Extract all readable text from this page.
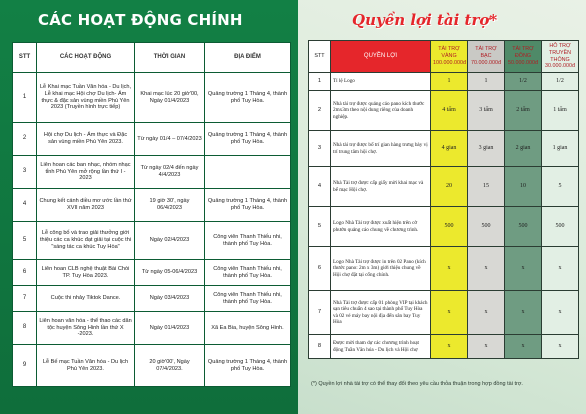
CÁC HOẠT ĐỘNG CHÍNH	Quyền lợi tài trợ*
STT	CÁC HOẠT ĐỘNG	THỜI GIAN	ĐỊA ĐIỂM
1	Lễ Khai mạc Tuần Văn hóa - Du lịch, Lễ khai mạc Hội chợ Du lịch- Ẩm thực & đặc sản vùng miền Phú Yên 2023 (Truyền hình trực tiếp)	Khai mạc lúc 20 giờ'00, Ngày 01/4/2023	Quảng trường 1 Tháng 4, thành phố Tuy Hòa.
2	Hội chợ Du lịch - Ẩm thực và Đặc sản vùng miền Phú Yên 2023.	Từ ngày 01/4 – 07/4/2023	Quảng trường 1 Tháng 4, thành phố Tuy Hòa.
3	Liên hoan các ban nhạc, nhóm nhạc tỉnh Phú Yên mở rộng lần thứ I - 2023	Từ ngày 02/4 đến ngày 4/4/2023	
4	Chung kết cánh diều mơ ước lần thứ XVII năm 2023	19 giờ 30', ngày 06/4/2023	Quảng trường 1 Tháng 4, thành phố Tuy Hòa.
5	Lễ công bố và trao giải thưởng giới thiệu các ca khúc đạt giải tại cuộc thi "sáng tác ca khúc Tuy Hòa"	Ngày 02/4/2023	Công viên Thanh Thiếu nhi, thành phố Tuy Hòa.
6	Liên hoan CLB nghệ thuật Bài Chòi TP. Tuy Hòa 2023.	Từ ngày 05-06/4/2023	Công viên Thanh Thiếu nhi, thành phố Tuy Hòa.
7	Cuộc thi nhảy Tiktok Dance.	Ngày 03/4/2023	Công viên Thanh Thiếu nhi, thành phố Tuy Hòa.
8	Liên hoan văn hóa - thể thao các dân tộc huyện Sông Hinh lần thứ X -2023.	Ngày 01/4/2023	Xã Ea Bia, huyện Sông Hinh.
9	Lễ Bế mạc Tuần Văn hóa - Du lịch Phú Yên 2023.	20 giờ'00', Ngày 07/4/2023.	Quảng trường 1 Tháng 4, thành phố Tuy Hòa.
STT	QUYỀN LỢI	TÀI TRỢ VÀNG 100.000.000đ	TÀI TRỢ BẠC 70.000.000đ	TÀI TRỢ ĐỒNG 50.000.000đ	HỖ TRỢ TRUYỀN THÔNG 30.000.000đ
1	Tỉ lệ Logo	1	1	1/2	1/2
2	Nhà tài trợ được quảng cáo pano kích thước 2mx3m theo nội dung riêng của doanh nghiệp.	4 tấm	3 tấm	2 tấm	1 tấm
3	Nhà tài trợ được bố trí gian hàng trưng bày vị trí trung tâm hội chợ.	4 gian	3 gian	2 gian	1 gian
4	Nhà Tài trợ được cấp giấy mời khai mạc và bế mạc Hội chợ.	20	15	10	5
5	Logo Nhà Tài trợ được xuất hiện trên cờ phướn quảng cáo chung về chương trình.	500	500	500	500
6	Logo Nhà Tài trợ được in trên 02 Pano (kích thước pano: 2m x 3m) giới thiệu chung về Hội chợ đặt tại cổng chính.	x	x	x	x
7	Nhà Tài trợ được cấp 01 phòng VIP tại khách sạn tiêu chuẩn 4 sao tại thành phố Tuy Hòa và 02 vé máy bay nội địa đến sân bay Tuy Hòa	x	x	x	x
8	Được mời tham dự các chương trình hoạt động Tuần Văn hóa - Du lịch và Hội chợ	x	x	x	x
(*) Quyền lợi nhà tài trợ có thể thay đổi theo yêu cầu thỏa thuận trong hợp đồng tài trợ.
